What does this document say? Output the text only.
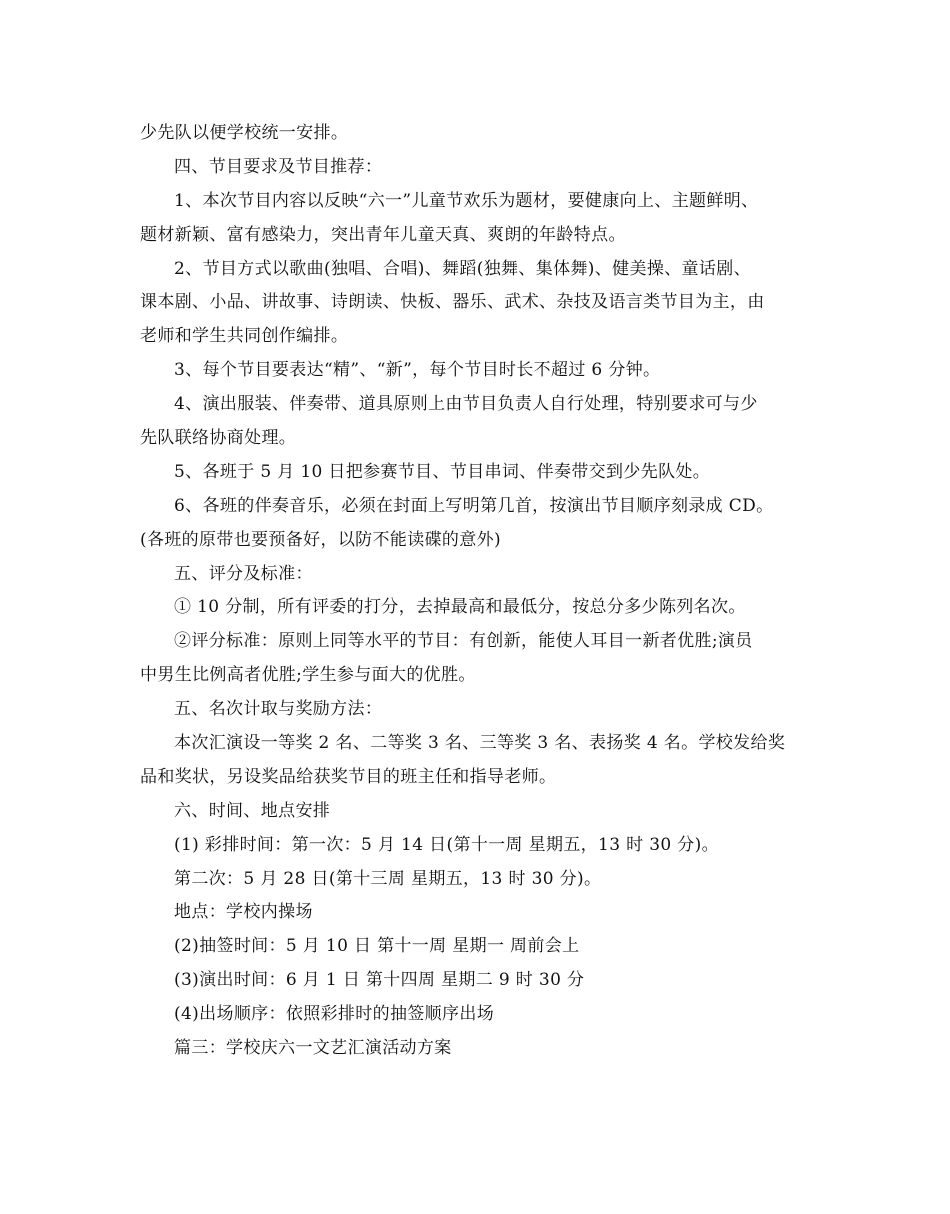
少先队以便学校统一安排。
四、节目要求及节目推荐：
1、本次节目内容以反映“六一”儿童节欢乐为题材，要健康向上、主题鲜明、
题材新颖、富有感染力，突出青年儿童天真、爽朗的年龄特点。
2、节目方式以歌曲(独唱、合唱)、舞蹈(独舞、集体舞)、健美操、童话剧、
课本剧、小品、讲故事、诗朗读、快板、器乐、武术、杂技及语言类节目为主，由
老师和学生共同创作编排。
3、每个节目要表达“精”、“新”，每个节目时长不超过 6 分钟。
4、演出服装、伴奏带、道具原则上由节目负责人自行处理，特别要求可与少
先队联络协商处理。
5、各班于 5 月 10 日把参赛节目、节目串词、伴奏带交到少先队处。
6、各班的伴奏音乐，必须在封面上写明第几首，按演出节目顺序刻录成 CD。
(各班的原带也要预备好，以防不能读碟的意外)
五、评分及标准：
① 10 分制，所有评委的打分，去掉最高和最低分，按总分多少陈列名次。
②评分标准：原则上同等水平的节目：有创新，能使人耳目一新者优胜;演员
中男生比例高者优胜;学生参与面大的优胜。
五、名次计取与奖励方法：
本次汇演设一等奖 2 名、二等奖 3 名、三等奖 3 名、表扬奖 4 名。学校发给奖
品和奖状，另设奖品给获奖节目的班主任和指导老师。
六、时间、地点安排
(1) 彩排时间：第一次：5 月 14 日(第十一周 星期五，13 时 30 分)。
第二次：5 月 28 日(第十三周 星期五，13 时 30 分)。
地点：学校内操场
(2)抽签时间：5 月 10 日 第十一周 星期一 周前会上
(3)演出时间：6 月 1 日 第十四周 星期二 9 时 30 分
(4)出场顺序：依照彩排时的抽签顺序出场
篇三：学校庆六一文艺汇演活动方案
